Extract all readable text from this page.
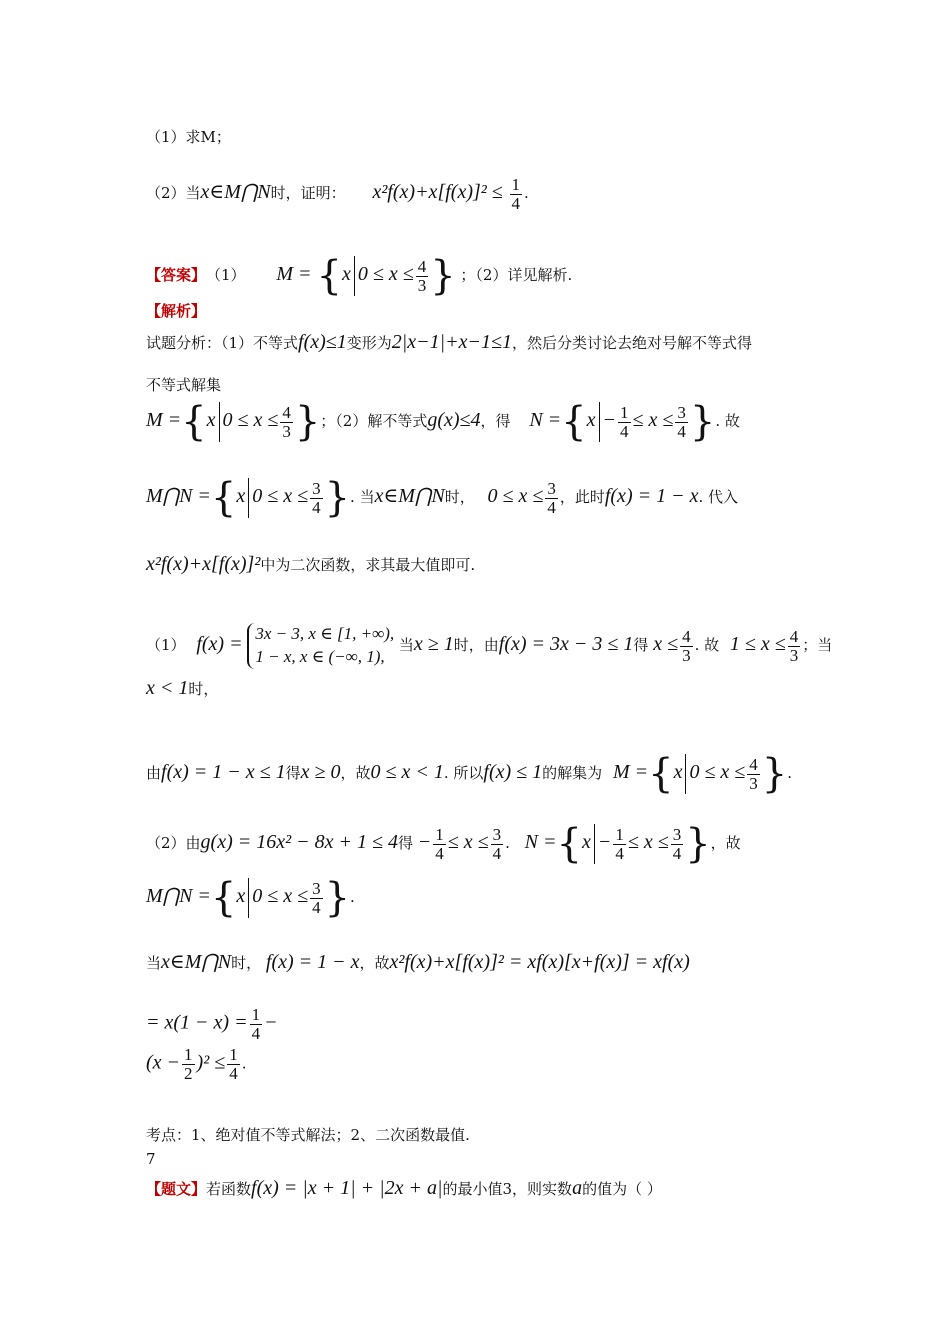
（1）求M；
（2）当x∈M⋂N时，证明： $x^2f(x)+x[f(x)]^2 \le \frac{1}{4}$ .
【答案】（1） M = {x $0 \le x \le \frac{4}{3}$ } ；（2）详见解析.
【解析】
试题分析：（1）不等式f(x)≤1变形为2|x−1|+x−1≤1，然后分类讨论去绝对号解不等式得
不等式解集
M ={x $0 \le x \le \frac{4}{3}$ }；（2）解不等式g(x)≤4，得 $N =\{x - \frac{1}{4} \le x \le \frac{3}{4}$ }. 故
M⋂N ={x $0 \le x \le \frac{3}{4}$ }. 当x∈M⋂N时， $0 \le x \le \frac{3}{4}$ ，此时f(x) = 1 − x. 代入
x²f(x)+x[f(x)]²中为二次函数，求其最大值即可.
（1） f(x) = 3x − 3, x ∈ [1, +∞),
1 − x, x ∈ (−∞, 1),
当x ≥ 1时，由f(x) = 3x − 3 ≤ 1得 $x \le \frac{4}{3}$ . 故 $1 \le x \le \frac{4}{3}$ ；当
x < 1时，
由f(x) = 1 − x ≤ 1得x ≥ 0，故0 ≤ x < 1. 所以f(x) ≤ 1的解集为 M ={x $0 \le x \le \frac{4}{3}$ }.
（2）由g(x) = 16x² − 8x + 1 ≤ 4得 − $\frac{1}{4} \le x \le \frac{3}{4}$ . $N =\{x - \frac{1}{4} \le x \le \frac{3}{4}$ }，故
M⋂N ={x $0 \le x \le \frac{3}{4}$ }.
当x∈M⋂N时， f(x) = 1 − x，故x²f(x)+x[f(x)]² = xf(x)[x+f(x)] = xf(x)
= $x(1 - x) = \frac{1}{4}$ −
$(x - \frac{1}{2} )^2 \le \frac{1}{4}$ .
考点：1、绝对值不等式解法；2、二次函数最值.
7
【题文】若函数f(x) = |x + 1| + |2x + a|的最小值3，则实数a的值为（ ）
